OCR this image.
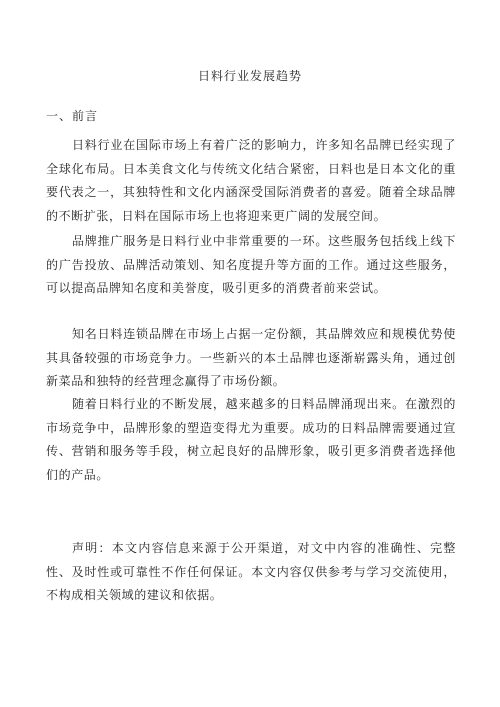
日料行业发展趋势
一、前言

日料行业在国际市场上有着广泛的影响力，许多知名品牌已经实现了全球化布局。日本美食文化与传统文化结合紧密，日料也是日本文化的重要代表之一，其独特性和文化内涵深受国际消费者的喜爱。随着全球品牌的不断扩张，日料在国际市场上也将迎来更广阔的发展空间。

品牌推广服务是日料行业中非常重要的一环。这些服务包括线上线下的广告投放、品牌活动策划、知名度提升等方面的工作。通过这些服务，可以提高品牌知名度和美誉度，吸引更多的消费者前来尝试。

知名日料连锁品牌在市场上占据一定份额，其品牌效应和规模优势使其具备较强的市场竞争力。一些新兴的本土品牌也逐渐崭露头角，通过创新菜品和独特的经营理念赢得了市场份额。

随着日料行业的不断发展，越来越多的日料品牌涌现出来。在激烈的市场竞争中，品牌形象的塑造变得尤为重要。成功的日料品牌需要通过宣传、营销和服务等手段，树立起良好的品牌形象，吸引更多消费者选择他们的产品。

声明：本文内容信息来源于公开渠道，对文中内容的准确性、完整性、及时性或可靠性不作任何保证。本文内容仅供参考与学习交流使用，不构成相关领域的建议和依据。
